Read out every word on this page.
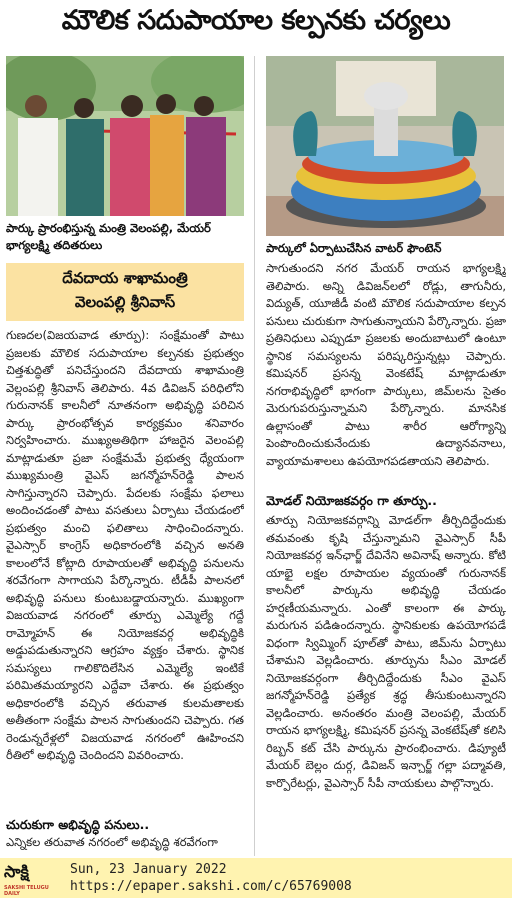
మౌలిక సదుపాయాల కల్పనకు చర్యలు
పార్కు ప్రారంభిస్తున్న మంత్రి వెలంపల్లి, మేయర్ భాగ్యలక్ష్మి తదితరులు	పార్కులో ఏర్పాటుచేసిన వాటర్ ఫౌంటెన్
దేవదాయ శాఖామంత్రి
వెలంపల్లి శ్రీనివాస్

గుణదల(విజయవాడ తూర్పు): సంక్షేమంతో పాటు ప్రజలకు మౌలిక సదుపాయాల కల్పనకు ప్రభుత్వం చిత్తశుద్ధితో పనిచేస్తుందని దేవదాయ శాఖామంత్రి వెల్లంపల్లి శ్రీనివాస్ తెలిపారు. 4వ డివిజన్ పరిధిలోని గురునానక్ కాలనీలో నూతనంగా అభివృద్ధి పరిచిన పార్కు ప్రారంభోత్సవ కార్యక్రమం శనివారం నిర్వహించారు. ముఖ్యఅతిథిగా హాజరైన వెలంపల్లి మాట్లాడుతూ ప్రజా సంక్షేమమే ప్రభుత్వ ధ్యేయంగా ముఖ్యమంత్రి వైఎస్ జగన్మోహన్‌రెడ్డి పాలన సాగిస్తున్నారని చెప్పారు. పేదలకు సంక్షేమ ఫలాలు అందించడంతో పాటు వసతులు ఏర్పాటు చేయడంలో ప్రభుత్వం మంచి ఫలితాలు సాధించిందన్నారు. వైఎస్సార్ కాంగ్రెస్ అధికారంలోకి వచ్చిన అనతి కాలంలోనే కోట్లాది రూపాయలతో అభివృద్ధి పనులను శరవేగంగా సాగాయని పేర్కొన్నారు. టీడీపీ పాలనలో అభివృద్ధి పనులు కుంటుబడ్డాయన్నారు. ముఖ్యంగా విజయవాడ నగరంలో తూర్పు ఎమ్మెల్యే గద్దే రామ్మోహన్ ఈ నియోజకవర్గ అభివృద్ధికి అడ్డుపడుతున్నారని ఆగ్రహం వ్యక్తం చేశారు. స్థానిక సమస్యలు గాలికొదిలేసిన ఎమ్మెల్యే ఇంటికే పరిమితమయ్యారని ఎద్దేవా చేశారు. ఈ ప్రభుత్వం అధికారంలోకి వచ్చిన తరువాత కులమతాలకు అతీతంగా సంక్షేమ పాలన సాగుతుందని చెప్పారు. గత రెండున్నరేళ్లలో విజయవాడ నగరంలో ఊహించని రీతిలో అభివృద్ధి చెందిందని వివరించారు.

చురుకుగా అభివృద్ధి పనులు..
ఎన్నికల తరువాత నగరంలో అభివృద్ధి శరవేగంగా

సాగుతుందని నగర మేయర్ రాయన భాగ్యలక్ష్మి తెలిపారు. అన్ని డివిజన్‌లలో రోడ్లు, తాగునీరు, విద్యుత్, యూజీడీ వంటి మౌలిక సదుపాయాల కల్పన పనులు చురుకుగా సాగుతున్నాయని పేర్కొన్నారు. ప్రజా ప్రతినిధులు ఎప్పుడూ ప్రజలకు అందుబాటులో ఉంటూ స్థానిక సమస్యలను పరిష్కరిస్తున్నట్లు చెప్పారు. కమిషనర్ ప్రసన్న వెంకటేష్ మాట్లాడుతూ నగరాభివృద్ధిలో భాగంగా పార్కులు, జిమ్‌లను సైతం మెరుగుపరుస్తున్నామని పేర్కొన్నారు. మానసిక ఉల్లాసంతో పాటు శారీర ఆరోగ్యాన్ని పెంపొందించుకునేందుకు ఉద్యానవనాలు, వ్యాయామశాలలు ఉపయోగపడతాయని తెలిపారు.

మోడల్ నియోజకవర్గం గా తూర్పు..

తూర్పు నియోజకవర్గాన్ని మోడల్‌గా తీర్చిదిద్దేందుకు తమవంతు కృషి చేస్తున్నామని వైఎస్సార్ సీపీ నియోజకవర్గ ఇన్‌ఛార్జ్ దేవినేని అవినాష్ అన్నారు. కోటి యాభై లక్షల రూపాయల వ్యయంతో గురునానక్ కాలనీలో పార్కును అభివృద్ధి చేయడం హర్షణీయమన్నారు. ఎంతో కాలంగా ఈ పార్కు మరుగున పడిఉందన్నారు. స్థానికులకు ఉపయోగపడే విధంగా స్విమ్మింగ్ పూల్‌తో పాటు, జిమ్‌ను ఏర్పాటు చేశామని వెల్లడించారు. తూర్పును సీఎం మోడల్ నియోజకవర్గంగా తీర్చిదిద్దేందుకు సీఎం వైఎస్ జగన్మోహన్‌రెడ్డి ప్రత్యేక శ్రద్ధ తీసుకుంటున్నారని వెల్లడించారు. అనంతరం మంత్రి వెలంపల్లి, మేయర్ రాయన భాగ్యలక్ష్మి, కమిషనర్ ప్రసన్న వెంకటేష్‌తో కలిసి రిబ్బన్ కట్ చేసి పార్కును ప్రారంభించారు. డిప్యూటీ మేయర్ బెల్లం దుర్గ, డివిజన్ ఇన్చార్జ్ గల్లా పద్మావతి, కార్పొరేటర్లు, వైఎస్సార్ సీపీ నాయకులు పాల్గొన్నారు.

సాక్షి
SAKSHI TELUGU DAILY
Sun, 23 January 2022
https://epaper.sakshi.com/c/65769008
